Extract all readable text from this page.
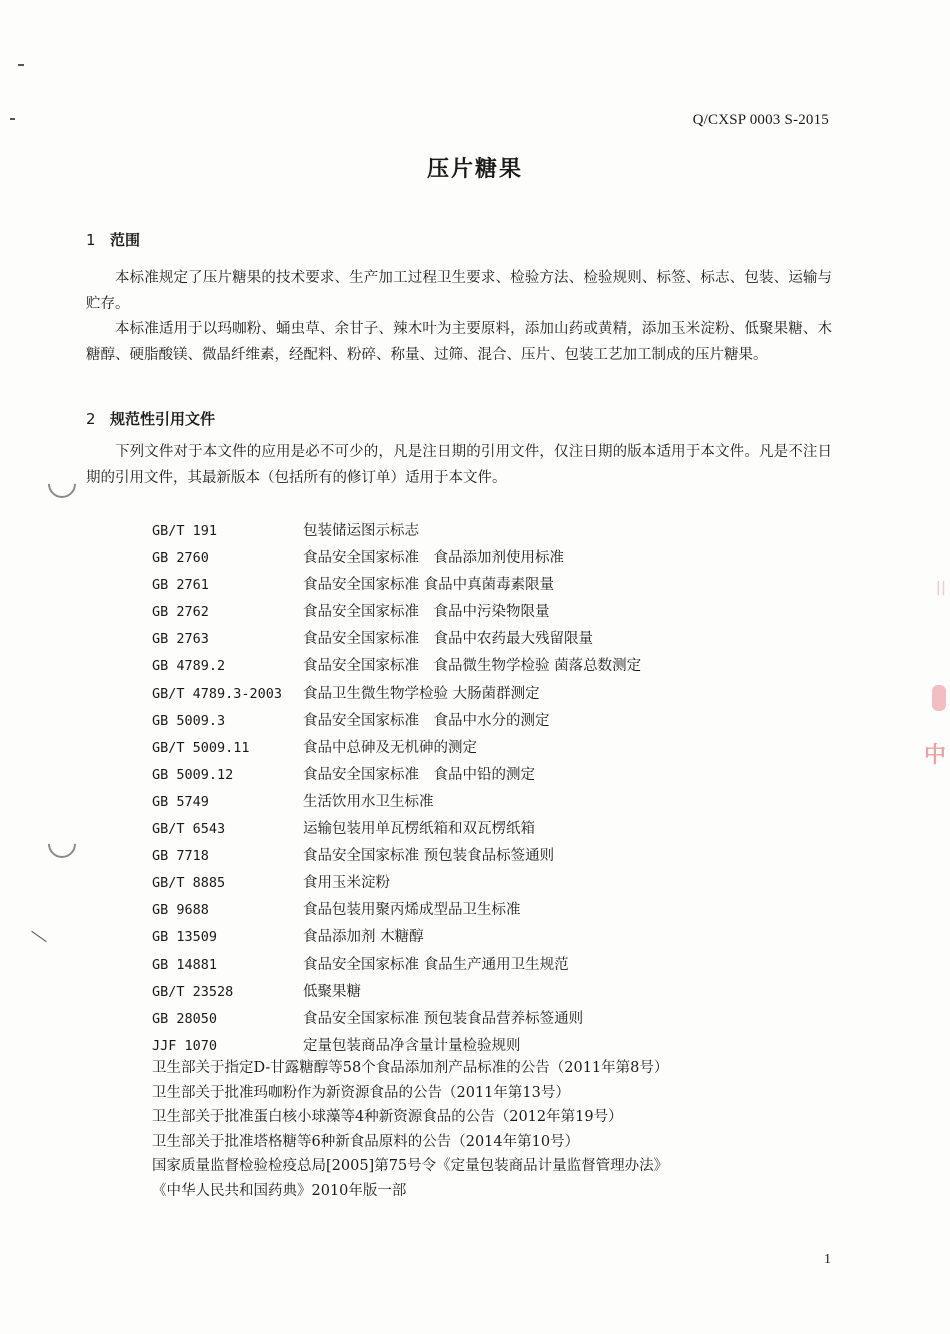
||
中
Q/CXSP 0003 S-2015
压片糖果
1 范围
本标准规定了压片糖果的技术要求、生产加工过程卫生要求、检验方法、检验规则、标签、标志、包装、运输与贮存。
本标准适用于以玛咖粉、蛹虫草、余甘子、辣木叶为主要原料，添加山药或黄精，添加玉米淀粉、低聚果糖、木糖醇、硬脂酸镁、微晶纤维素，经配料、粉碎、称量、过筛、混合、压片、包装工艺加工制成的压片糖果。
2 规范性引用文件
下列文件对于本文件的应用是必不可少的，凡是注日期的引用文件，仅注日期的版本适用于本文件。凡是不注日期的引用文件，其最新版本（包括所有的修订单）适用于本文件。
GB/T 191	包装储运图示标志
GB 2760	食品安全国家标准　食品添加剂使用标准
GB 2761	食品安全国家标准 食品中真菌毒素限量
GB 2762	食品安全国家标准　食品中污染物限量
GB 2763	食品安全国家标准　食品中农药最大残留限量
GB 4789.2	食品安全国家标准　食品微生物学检验 菌落总数测定
GB/T 4789.3-2003 食品卫生微生物学检验 大肠菌群测定
GB 5009.3	食品安全国家标准　食品中水分的测定
GB/T 5009.11	食品中总砷及无机砷的测定
GB 5009.12	食品安全国家标准　食品中铅的测定
GB 5749	生活饮用水卫生标准
GB/T 6543	运输包装用单瓦楞纸箱和双瓦楞纸箱
GB 7718	食品安全国家标准 预包装食品标签通则
GB/T 8885	食用玉米淀粉
GB 9688	食品包装用聚丙烯成型品卫生标准
GB 13509	食品添加剂 木糖醇
GB 14881	食品安全国家标准 食品生产通用卫生规范
GB/T 23528	低聚果糖
GB 28050	食品安全国家标准 预包装食品营养标签通则
JJF 1070	定量包装商品净含量计量检验规则
卫生部关于指定D-甘露糖醇等58个食品添加剂产品标准的公告（2011年第8号）
卫生部关于批准玛咖粉作为新资源食品的公告（2011年第13号）
卫生部关于批准蛋白核小球藻等4种新资源食品的公告（2012年第19号）
卫生部关于批准塔格糖等6种新食品原料的公告（2014年第10号）
国家质量监督检验检疫总局[2005]第75号令《定量包装商品计量监督管理办法》
《中华人民共和国药典》2010年版一部
1
